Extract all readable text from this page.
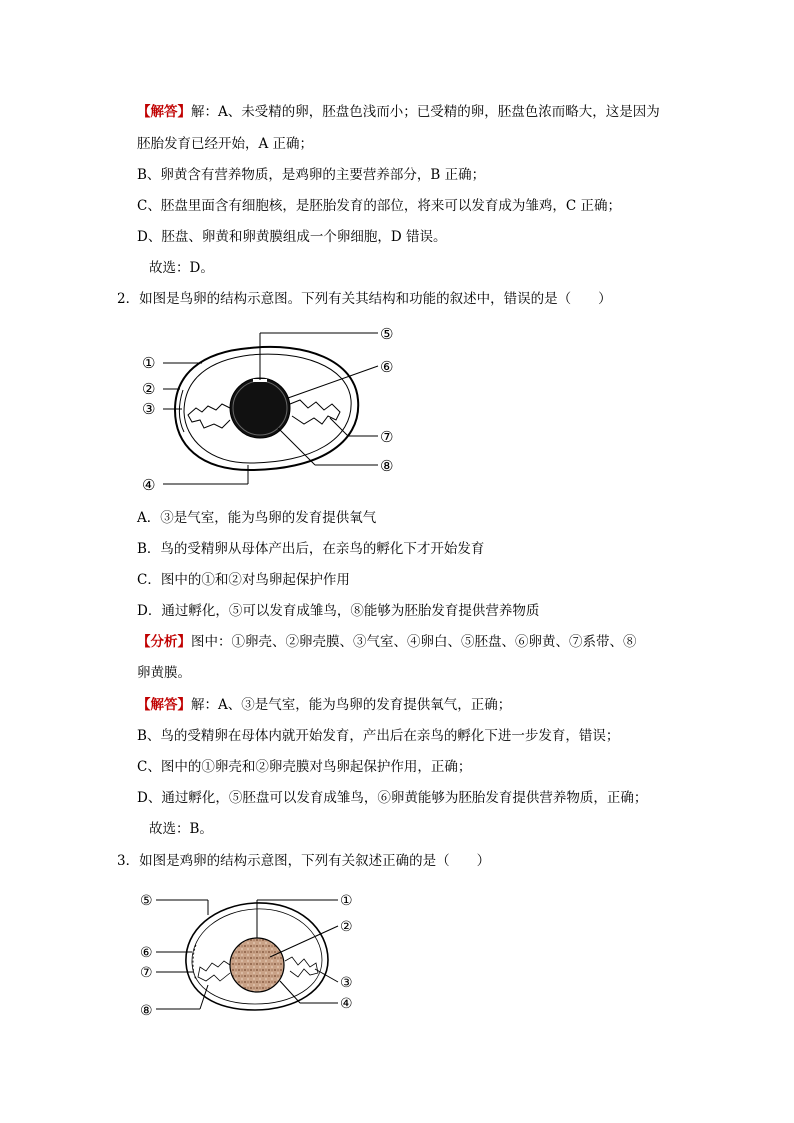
【解答】解：A、未受精的卵，胚盘色浅而小；已受精的卵，胚盘色浓而略大，这是因为
胚胎发育已经开始，A 正确；
B、卵黄含有营养物质，是鸡卵的主要营养部分，B 正确；
C、胚盘里面含有细胞核，是胚胎发育的部位，将来可以发育成为雏鸡，C 正确；
D、胚盘、卵黄和卵黄膜组成一个卵细胞，D 错误。
故选：D。
2．如图是鸟卵的结构示意图。下列有关其结构和功能的叙述中，错误的是（　　）
①
②
③
④
⑤
⑥
⑦
⑧
A．③是气室，能为鸟卵的发育提供氧气
B．鸟的受精卵从母体产出后，在亲鸟的孵化下才开始发育
C．图中的①和②对鸟卵起保护作用
D．通过孵化，⑤可以发育成雏鸟，⑧能够为胚胎发育提供营养物质
【分析】图中：①卵壳、②卵壳膜、③气室、④卵白、⑤胚盘、⑥卵黄、⑦系带、⑧
卵黄膜。
【解答】解：A、③是气室，能为鸟卵的发育提供氧气，正确；
B、鸟的受精卵在母体内就开始发育，产出后在亲鸟的孵化下进一步发育，错误；
C、图中的①卵壳和②卵壳膜对鸟卵起保护作用，正确；
D、通过孵化，⑤胚盘可以发育成雏鸟，⑥卵黄能够为胚胎发育提供营养物质，正确；
故选：B。
3．如图是鸡卵的结构示意图，下列有关叙述正确的是（　　）
⑤
⑥
⑦
⑧
①
②
③
④
